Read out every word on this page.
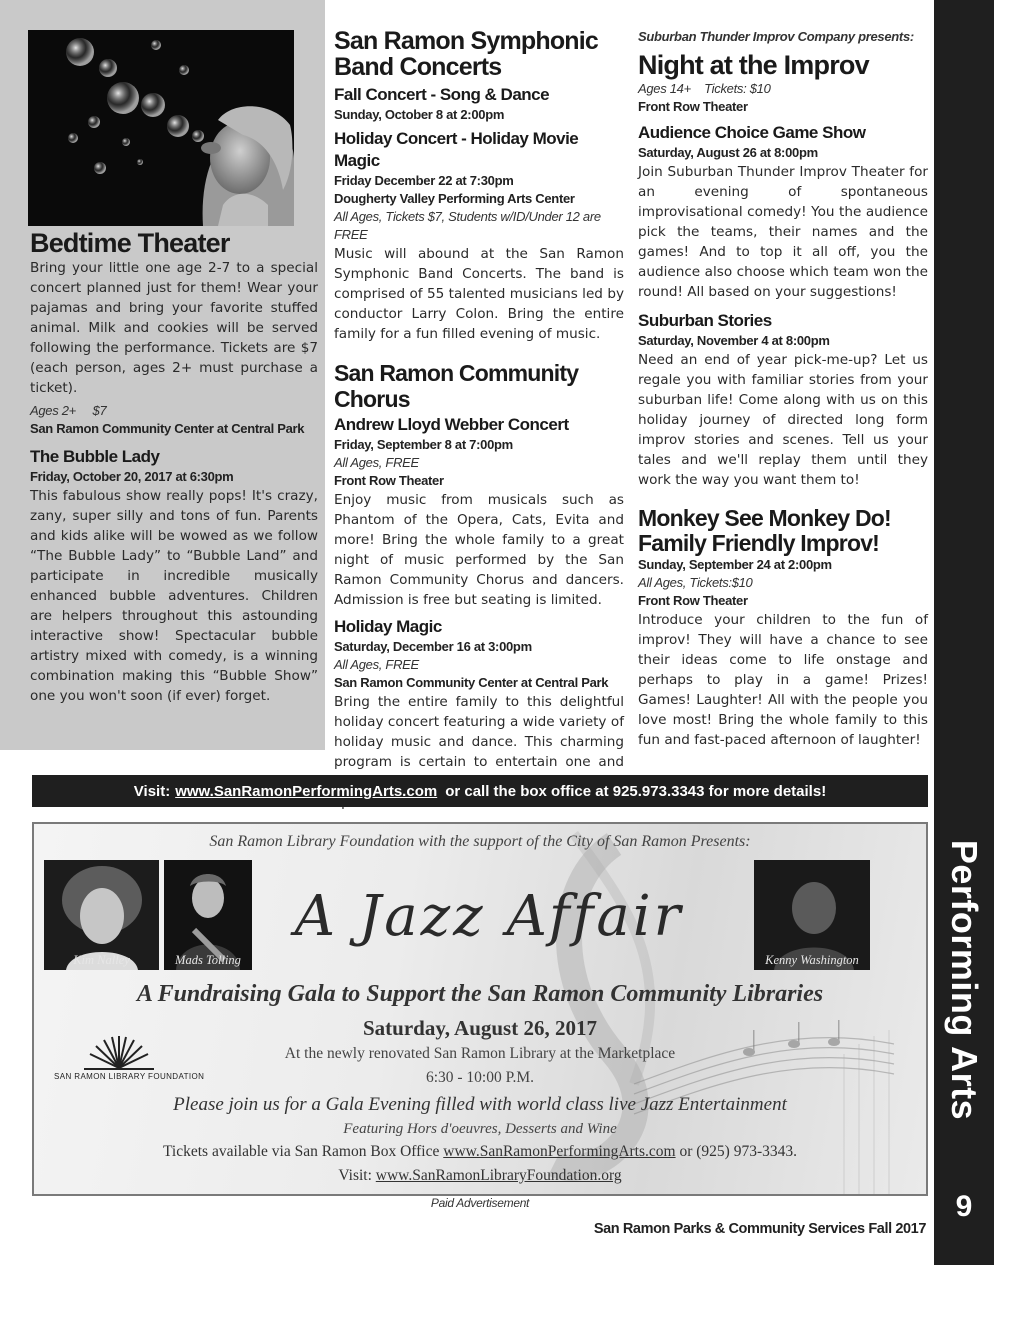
Performing Arts
9

Bedtime Theater

Bring your little one age 2-7 to a special concert planned just for them! Wear your pajamas and bring your favorite stuffed animal. Milk and cookies will be served following the performance. Tickets are $7 (each person, ages 2+ must purchase a ticket).

Ages 2+ $7
San Ramon Community Center at Central Park

The Bubble Lady

Friday, October 20, 2017 at 6:30pm

This fabulous show really pops! It's crazy, zany, super silly and tons of fun. Parents and kids alike will be wowed as we follow “The Bubble Lady” to “Bubble Land” and participate in incredible musically enhanced bubble adventures. Children are helpers throughout this astounding interactive show! Spectacular bubble artistry mixed with comedy, is a winning combination making this “Bubble Show” one you won't soon (if ever) forget.

San Ramon Symphonic Band Concerts

Fall Concert - Song & Dance

Sunday, October 8 at 2:00pm

Holiday Concert - Holiday Movie Magic

Friday December 22 at 7:30pm
Dougherty Valley Performing Arts Center
All Ages, Tickets $7, Students w/ID/Under 12 are FREE

Music will abound at the San Ramon Symphonic Band Concerts. The band is comprised of 55 talented musicians led by conductor Larry Colon. Bring the entire family for a fun filled evening of music.

San Ramon Community Chorus

Andrew Lloyd Webber Concert

Friday, September 8 at 7:00pm
All Ages, FREE
Front Row Theater

Enjoy music from musicals such as Phantom of the Opera, Cats, Evita and more! Bring the whole family to a great night of music performed by the San Ramon Community Chorus and dancers. Admission is free but seating is limited.

Holiday Magic

Saturday, December 16 at 3:00pm
All Ages, FREE
San Ramon Community Center at Central Park

Bring the entire family to this delightful holiday concert featuring a wide variety of holiday music and dance. This charming program is certain to entertain one and

Suburban Thunder Improv Company presents:

Night at the Improv

Ages 14+ Tickets: $10
Front Row Theater

Audience Choice Game Show

Saturday, August 26 at 8:00pm

Join Suburban Thunder Improv Theater for an evening of spontaneous improvisational comedy! You the audience pick the teams, their names and the games! And to top it all off, you the audience also choose which team won the round! All based on your suggestions!

Suburban Stories

Saturday, November 4 at 8:00pm

Need an end of year pick-me-up? Let us regale you with familiar stories from your suburban life! Come along with us on this holiday journey of directed long form improv stories and scenes. Tell us your tales and we'll replay them until they work the way you want them to!

Monkey See Monkey Do!

Family Friendly Improv!

Sunday, September 24 at 2:00pm
All Ages, Tickets:$10
Front Row Theater

Introduce your children to the fun of improv! They will have a chance to see their ideas come to life onstage and perhaps to play in a game! Prizes! Games! Laughter! All with the people you love most! Bring the whole family to this fun and fast-paced afternoon of laughter!

Visit: www.SanRamonPerformingArts.com or call the box office at 925.973.3343 for more details!
San Ramon Library Foundation with the support of the City of San Ramon Presents:
Kim Nalley	Mads Tolling	Kenny Washington
A Jazz Affair
A Fundraising Gala to Support the San Ramon Community Libraries
SAN RAMON LIBRARY FOUNDATION
Saturday, August 26, 2017
At the newly renovated San Ramon Library at the Marketplace
6:30 - 10:00 P.M.
Please join us for a Gala Evening filled with world class live Jazz Entertainment
Featuring Hors d'oeuvres, Desserts and Wine
Tickets available via San Ramon Box Office www.SanRamonPerformingArts.com or (925) 973-3343.
Visit: www.SanRamonLibraryFoundation.org
Paid Advertisement
San Ramon Parks & Community Services Fall 2017
